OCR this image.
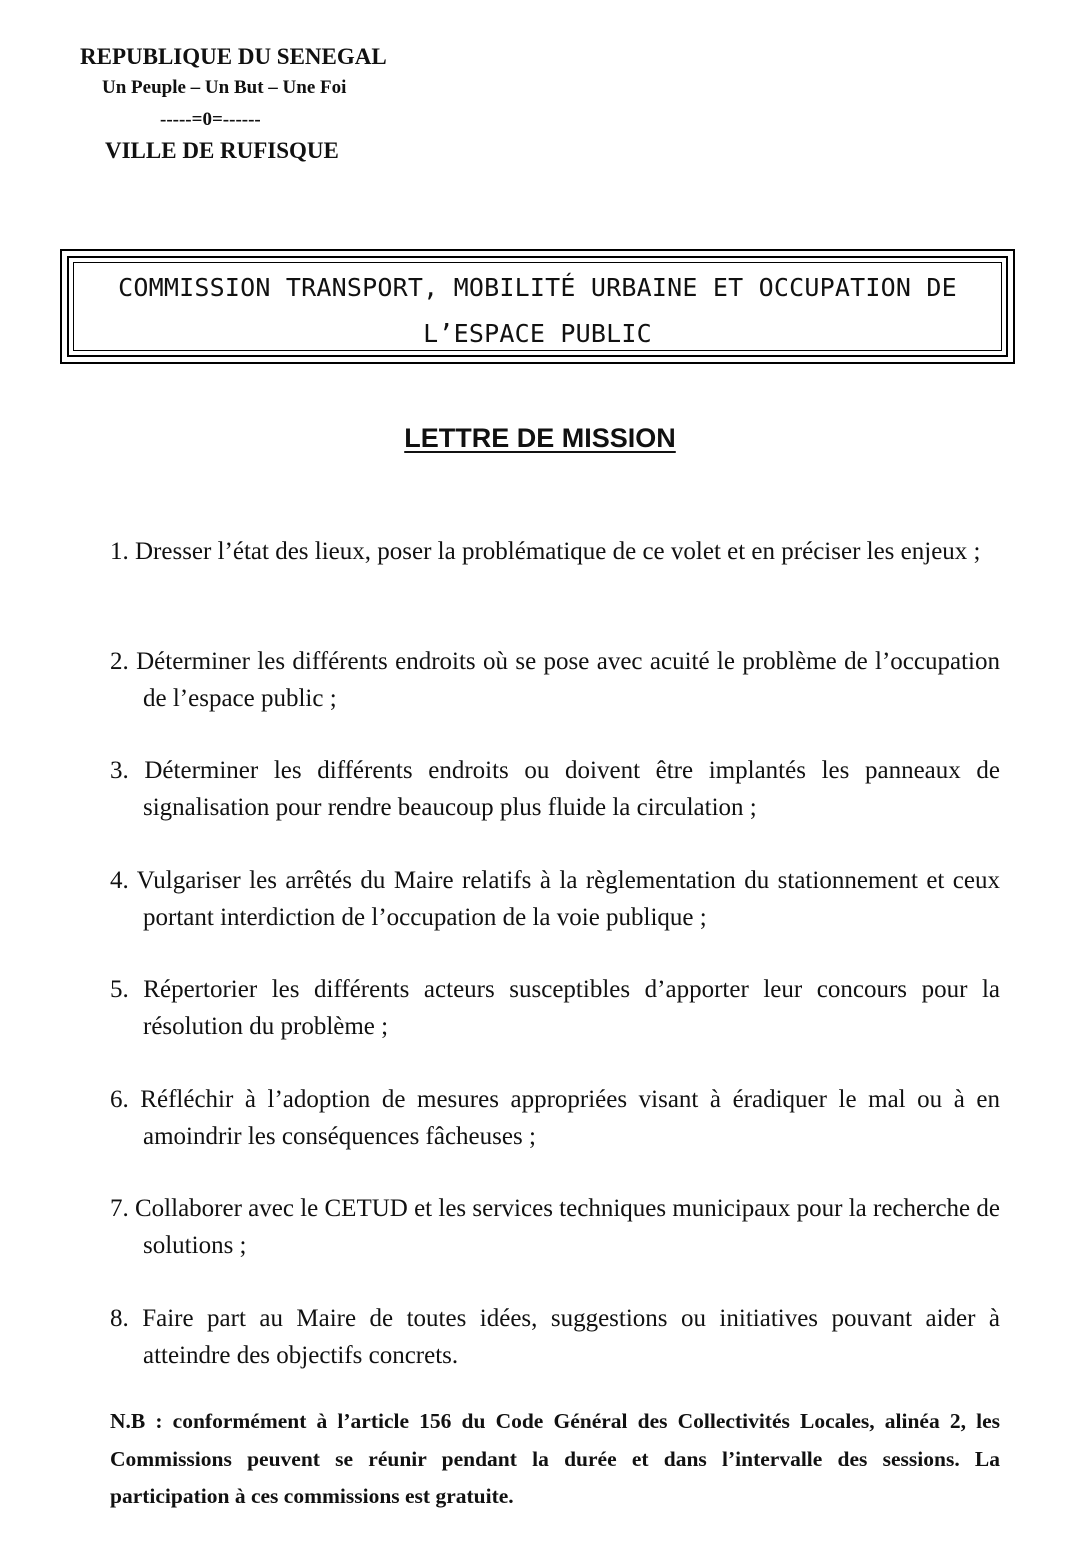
REPUBLIQUE DU SENEGAL
Un Peuple – Un But – Une Foi
-----=0=------
VILLE DE RUFISQUE
COMMISSION TRANSPORT, MOBILITÉ URBAINE ET OCCUPATION DE L’ESPACE PUBLIC
LETTRE DE MISSION
1. Dresser l’état des lieux, poser la problématique de ce volet et en préciser les enjeux ;
2. Déterminer les différents endroits où se pose avec acuité le problème de l’occupation de l’espace public ;
3. Déterminer les différents endroits ou doivent être implantés les panneaux de signalisation pour rendre beaucoup plus fluide la circulation ;
4. Vulgariser les arrêtés du Maire relatifs à la règlementation du stationnement et ceux portant interdiction de l’occupation de la voie publique ;
5. Répertorier les différents acteurs susceptibles d’apporter leur concours pour la résolution du problème ;
6. Réfléchir à l’adoption de mesures appropriées visant à éradiquer le mal ou à en amoindrir les conséquences fâcheuses ;
7. Collaborer avec le CETUD et les services techniques municipaux pour la recherche de solutions ;
8. Faire part au Maire de toutes idées, suggestions ou initiatives pouvant aider à atteindre des objectifs concrets.
N.B : conformément à l’article 156 du Code Général des Collectivités Locales, alinéa 2, les Commissions peuvent se réunir pendant la durée et dans l’intervalle des sessions. La participation à ces commissions est gratuite.
